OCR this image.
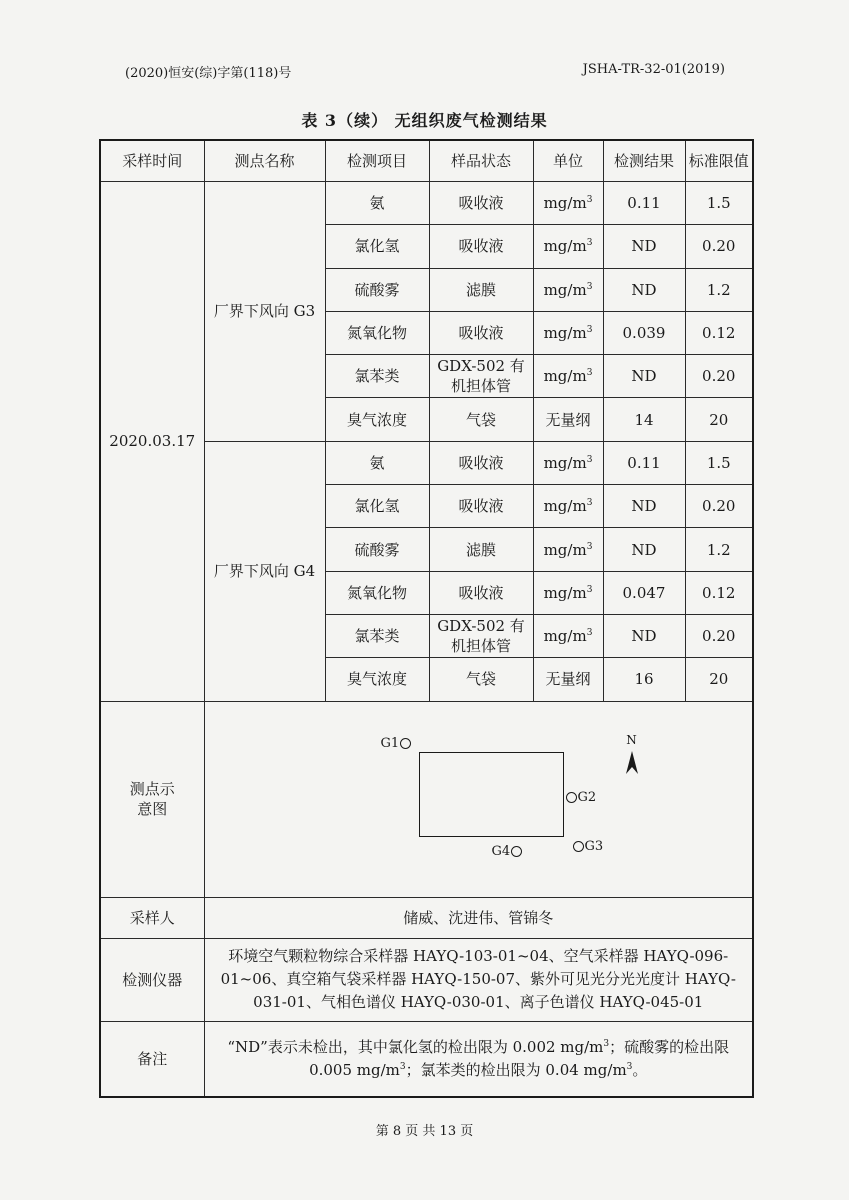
(2020)恒安(综)字第(118)号	JSHA-TR-32-01(2019)
表 3（续） 无组织废气检测结果
采样时间	测点名称	检测项目	样品状态	单位	检测结果	标准限值
2020.03.17	厂界下风向 G3	氨	吸收液	$mg/m^3$	0.11	1.5
		氯化氢	吸收液	$mg/m^3$	ND	0.20
		硫酸雾	滤膜	$mg/m^3$	ND	1.2
		氮氧化物	吸收液	$mg/m^3$	0.039	0.12
		氯苯类	GDX-502 有机担体管	$mg/m^3$	ND	0.20
		臭气浓度	气袋	无量纲	14	20
	厂界下风向 G4	氨	吸收液	$mg/m^3$	0.11	1.5
		氯化氢	吸收液	$mg/m^3$	ND	0.20
		硫酸雾	滤膜	$mg/m^3$	ND	1.2
		氮氧化物	吸收液	$mg/m^3$	0.047	0.12
		氯苯类	GDX-502 有机担体管	$mg/m^3$	ND	0.20
		臭气浓度	气袋	无量纲	16	20
测点示意图	G1
G2
G3
G4
N					

采样人	储威、沈进伟、管锦冬					
检测仪器	环境空气颗粒物综合采样器 HAYQ-103-01~04、空气采样器 HAYQ-096-01~06、真空箱气袋采样器 HAYQ-150-07、紫外可见光分光光度计 HAYQ-031-01、气相色谱仪 HAYQ-030-01、离子色谱仪 HAYQ-045-01					
备注	“ND”表示未检出，其中氯化氢的检出限为 0.002 $mg/m^3$；硫酸雾的检出限
0.005 $mg/m^3$；氯苯类的检出限为 0.04 $mg/m^3$。					
第 8 页 共 13 页
